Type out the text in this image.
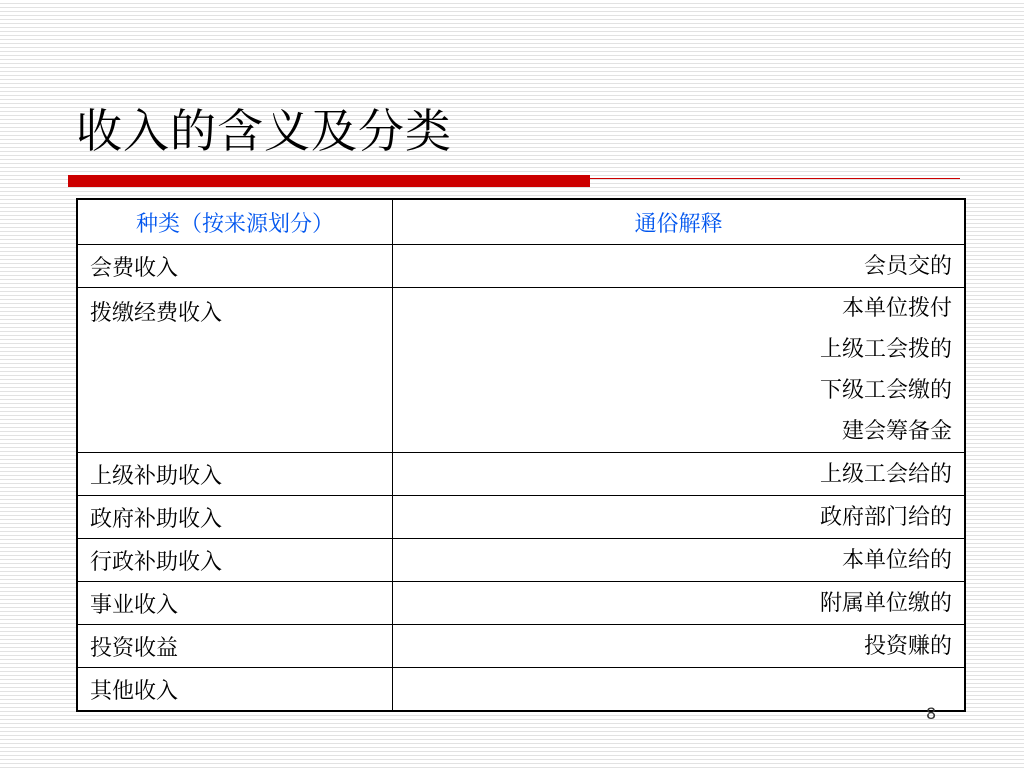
收入的含义及分类
种类（按来源划分）	通俗解释
会费收入	会员交的

拨缴经费收入	本单位拨付
上级工会拨的
下级工会缴的
建会筹备金

上级补助收入	上级工会给的

政府补助收入	政府部门给的

行政补助收入	本单位给的

事业收入	附属单位缴的

投资收益	投资赚的

其他收入	
8
